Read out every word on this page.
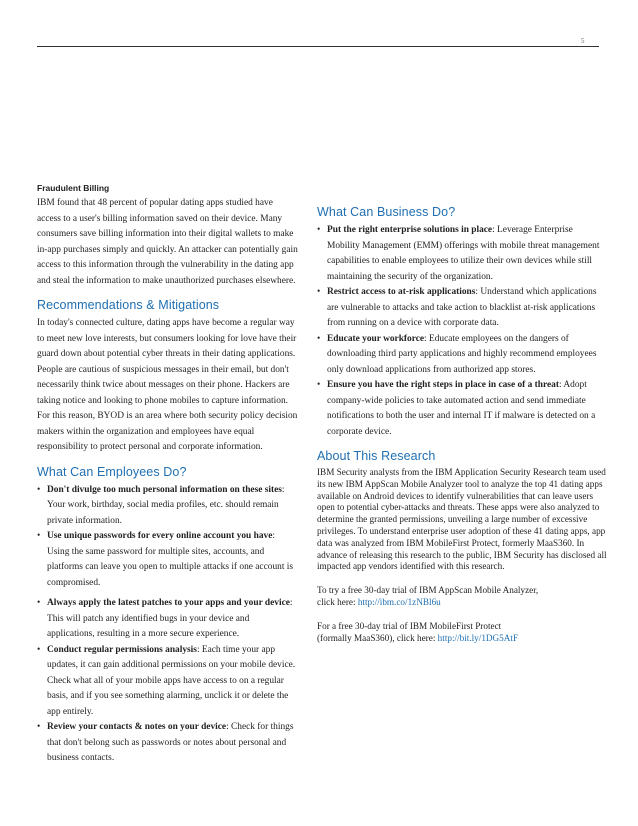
5
Fraudulent Billing

IBM found that 48 percent of popular dating apps studied have access to a user's billing information saved on their device. Many consumers save billing information into their digital wallets to make in-app purchases simply and quickly. An attacker can potentially gain access to this information through the vulnerability in the dating app and steal the information to make unauthorized purchases elsewhere.

Recommendations & Mitigations

In today's connected culture, dating apps have become a regular way to meet new love interests, but consumers looking for love have their guard down about potential cyber threats in their dating applications. People are cautious of suspicious messages in their email, but don't necessarily think twice about messages on their phone. Hackers are taking notice and looking to phone mobiles to capture information. For this reason, BYOD is an area where both security policy decision makers within the organization and employees have equal responsibility to protect personal and corporate information.

What Can Employees Do?
• Don't divulge too much personal information on these sites: Your work, birthday, social media profiles, etc. should remain private information.
• Use unique passwords for every online account you have: Using the same password for multiple sites, accounts, and platforms can leave you open to multiple attacks if one account is compromised.
• Always apply the latest patches to your apps and your device: This will patch any identified bugs in your device and applications, resulting in a more secure experience.
• Conduct regular permissions analysis: Each time your app updates, it can gain additional permissions on your mobile device. Check what all of your mobile apps have access to on a regular basis, and if you see something alarming, unclick it or delete the app entirely.
• Review your contacts & notes on your device: Check for things that don't belong such as passwords or notes about personal and business contacts.
What Can Business Do?
• Put the right enterprise solutions in place: Leverage Enterprise Mobility Management (EMM) offerings with mobile threat management capabilities to enable employees to utilize their own devices while still maintaining the security of the organization.
• Restrict access to at-risk applications: Understand which applications are vulnerable to attacks and take action to blacklist at-risk applications from running on a device with corporate data.
• Educate your workforce: Educate employees on the dangers of downloading third party applications and highly recommend employees only download applications from authorized app stores.
• Ensure you have the right steps in place in case of a threat: Adopt company-wide policies to take automated action and send immediate notifications to both the user and internal IT if malware is detected on a corporate device.
About This Research

IBM Security analysts from the IBM Application Security Research team used its new IBM AppScan Mobile Analyzer tool to analyze the top 41 dating apps available on Android devices to identify vulnerabilities that can leave users open to potential cyber-attacks and threats. These apps were also analyzed to determine the granted permissions, unveiling a large number of excessive privileges. To understand enterprise user adoption of these 41 dating apps, app data was analyzed from IBM MobileFirst Protect, formerly MaaS360. In advance of releasing this research to the public, IBM Security has disclosed all impacted app vendors identified with this research.

To try a free 30-day trial of IBM AppScan Mobile Analyzer,

click here: http://ibm.co/1zNBl6u

For a free 30-day trial of IBM MobileFirst Protect

(formally MaaS360), click here: http://bit.ly/1DG5AtF
